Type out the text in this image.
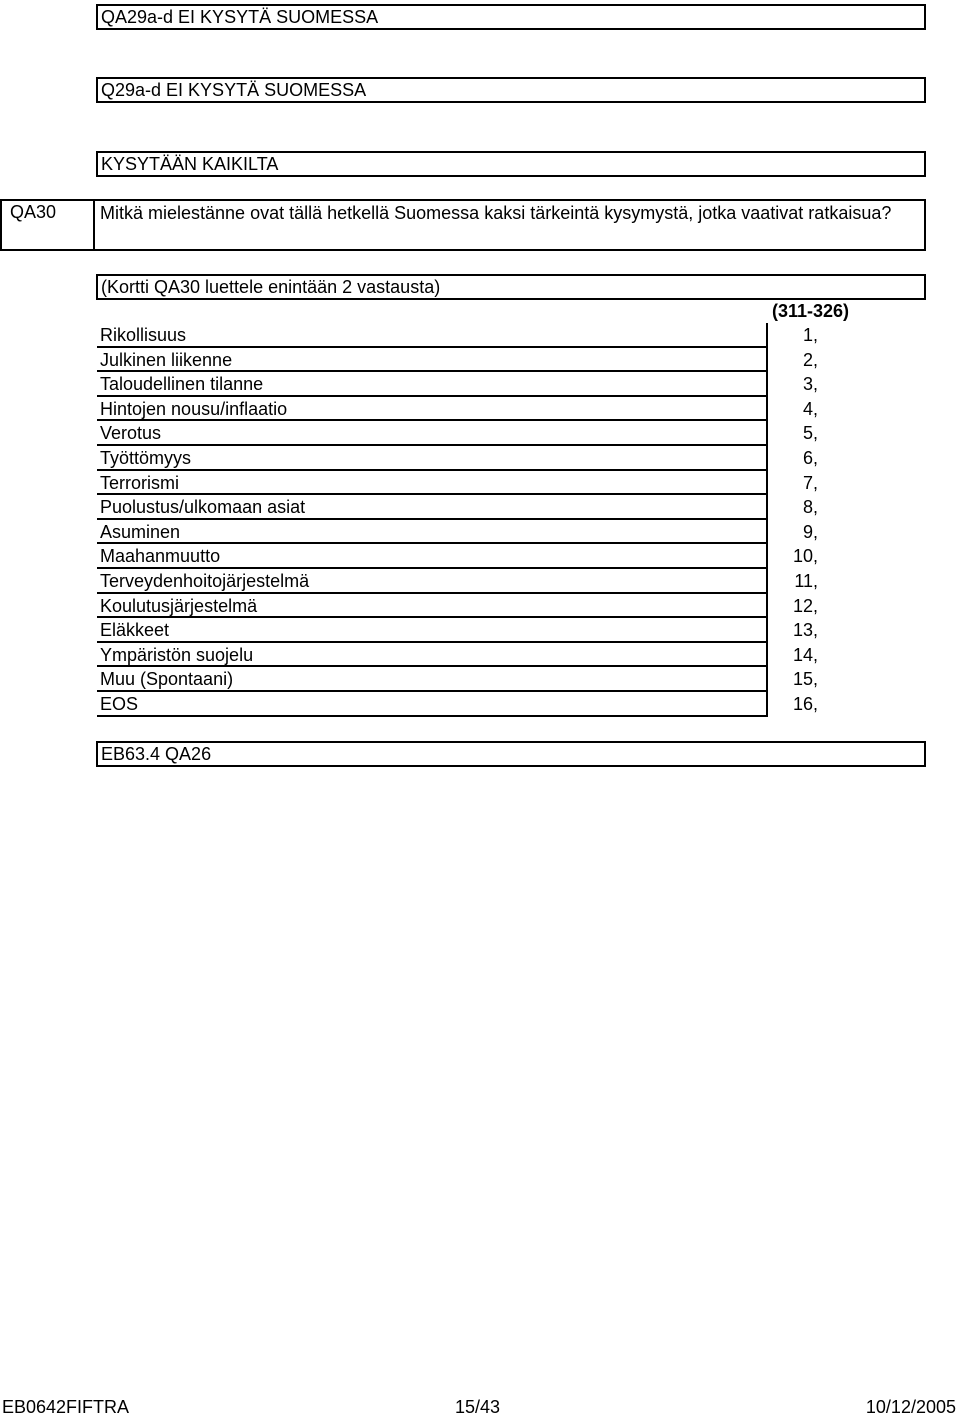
QA29a-d EI KYSYTÄ SUOMESSA
Q29a-d EI KYSYTÄ SUOMESSA
KYSYTÄÄN KAIKILTA
QA30	Mitkä mielestänne ovat tällä hetkellä Suomessa kaksi tärkeintä kysymystä, jotka vaativat ratkaisua?
(Kortti QA30 luettele enintään 2 vastausta)
(311-326)
Rikollisuus	1,
Julkinen liikenne	2,
Taloudellinen tilanne	3,
Hintojen nousu/inflaatio	4,
Verotus	5,
Työttömyys	6,
Terrorismi	7,
Puolustus/ulkomaan asiat	8,
Asuminen	9,
Maahanmuutto	10,
Terveydenhoitojärjestelmä	11,
Koulutusjärjestelmä	12,
Eläkkeet	13,
Ympäristön suojelu	14,
Muu (Spontaani)	15,
EOS	16,
EB63.4 QA26
EB0642FIFTRA	15/43	10/12/2005
